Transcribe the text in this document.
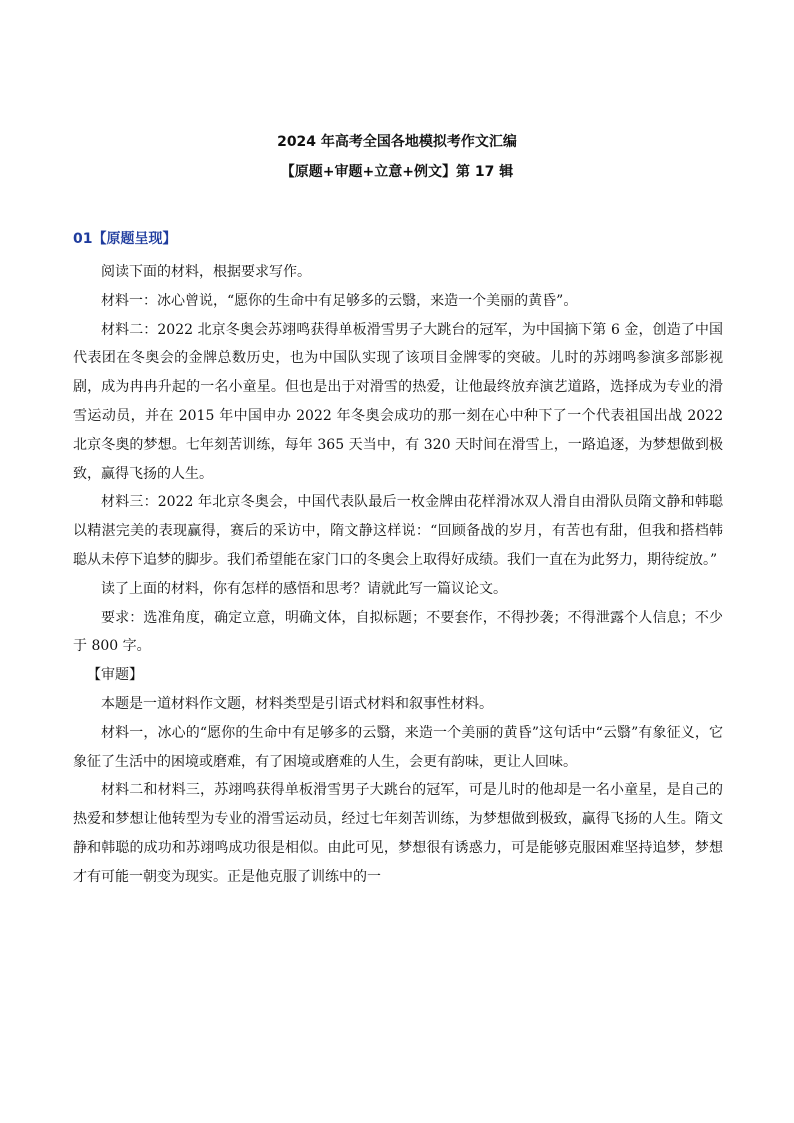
2024 年高考全国各地模拟考作文汇编
【原题+审题+立意+例文】第 17 辑
01【原题呈现】

阅读下面的材料，根据要求写作。

材料一：冰心曾说，“愿你的生命中有足够多的云翳，来造一个美丽的黄昏”。

材料二：2022 北京冬奥会苏翊鸣获得单板滑雪男子大跳台的冠军，为中国摘下第 6 金，创造了中国代表团在冬奥会的金牌总数历史，也为中国队实现了该项目金牌零的突破。儿时的苏翊鸣参演多部影视剧，成为冉冉升起的一名小童星。但也是出于对滑雪的热爱，让他最终放弃演艺道路，选择成为专业的滑雪运动员，并在 2015 年中国申办 2022 年冬奥会成功的那一刻在心中种下了一个代表祖国出战 2022 北京冬奥的梦想。七年刻苦训练，每年 365 天当中，有 320 天时间在滑雪上，一路追逐，为梦想做到极致，赢得飞扬的人生。

材料三：2022 年北京冬奥会，中国代表队最后一枚金牌由花样滑冰双人滑自由滑队员隋文静和韩聪以精湛完美的表现赢得，赛后的采访中，隋文静这样说：“回顾备战的岁月，有苦也有甜，但我和搭档韩聪从未停下追梦的脚步。我们希望能在家门口的冬奥会上取得好成绩。我们一直在为此努力，期待绽放。”

读了上面的材料，你有怎样的感悟和思考？请就此写一篇议论文。

要求：选准角度，确定立意，明确文体，自拟标题；不要套作，不得抄袭；不得泄露个人信息；不少于 800 字。

【审题】

本题是一道材料作文题，材料类型是引语式材料和叙事性材料。

材料一，冰心的“愿你的生命中有足够多的云翳，来造一个美丽的黄昏”这句话中“云翳”有象征义，它象征了生活中的困境或磨难，有了困境或磨难的人生，会更有韵味，更让人回味。

材料二和材料三，苏翊鸣获得单板滑雪男子大跳台的冠军，可是儿时的他却是一名小童星，是自己的热爱和梦想让他转型为专业的滑雪运动员，经过七年刻苦训练，为梦想做到极致，赢得飞扬的人生。隋文静和韩聪的成功和苏翊鸣成功很是相似。由此可见，梦想很有诱惑力，可是能够克服困难坚持追梦，梦想才有可能一朝变为现实。正是他克服了训练中的一
